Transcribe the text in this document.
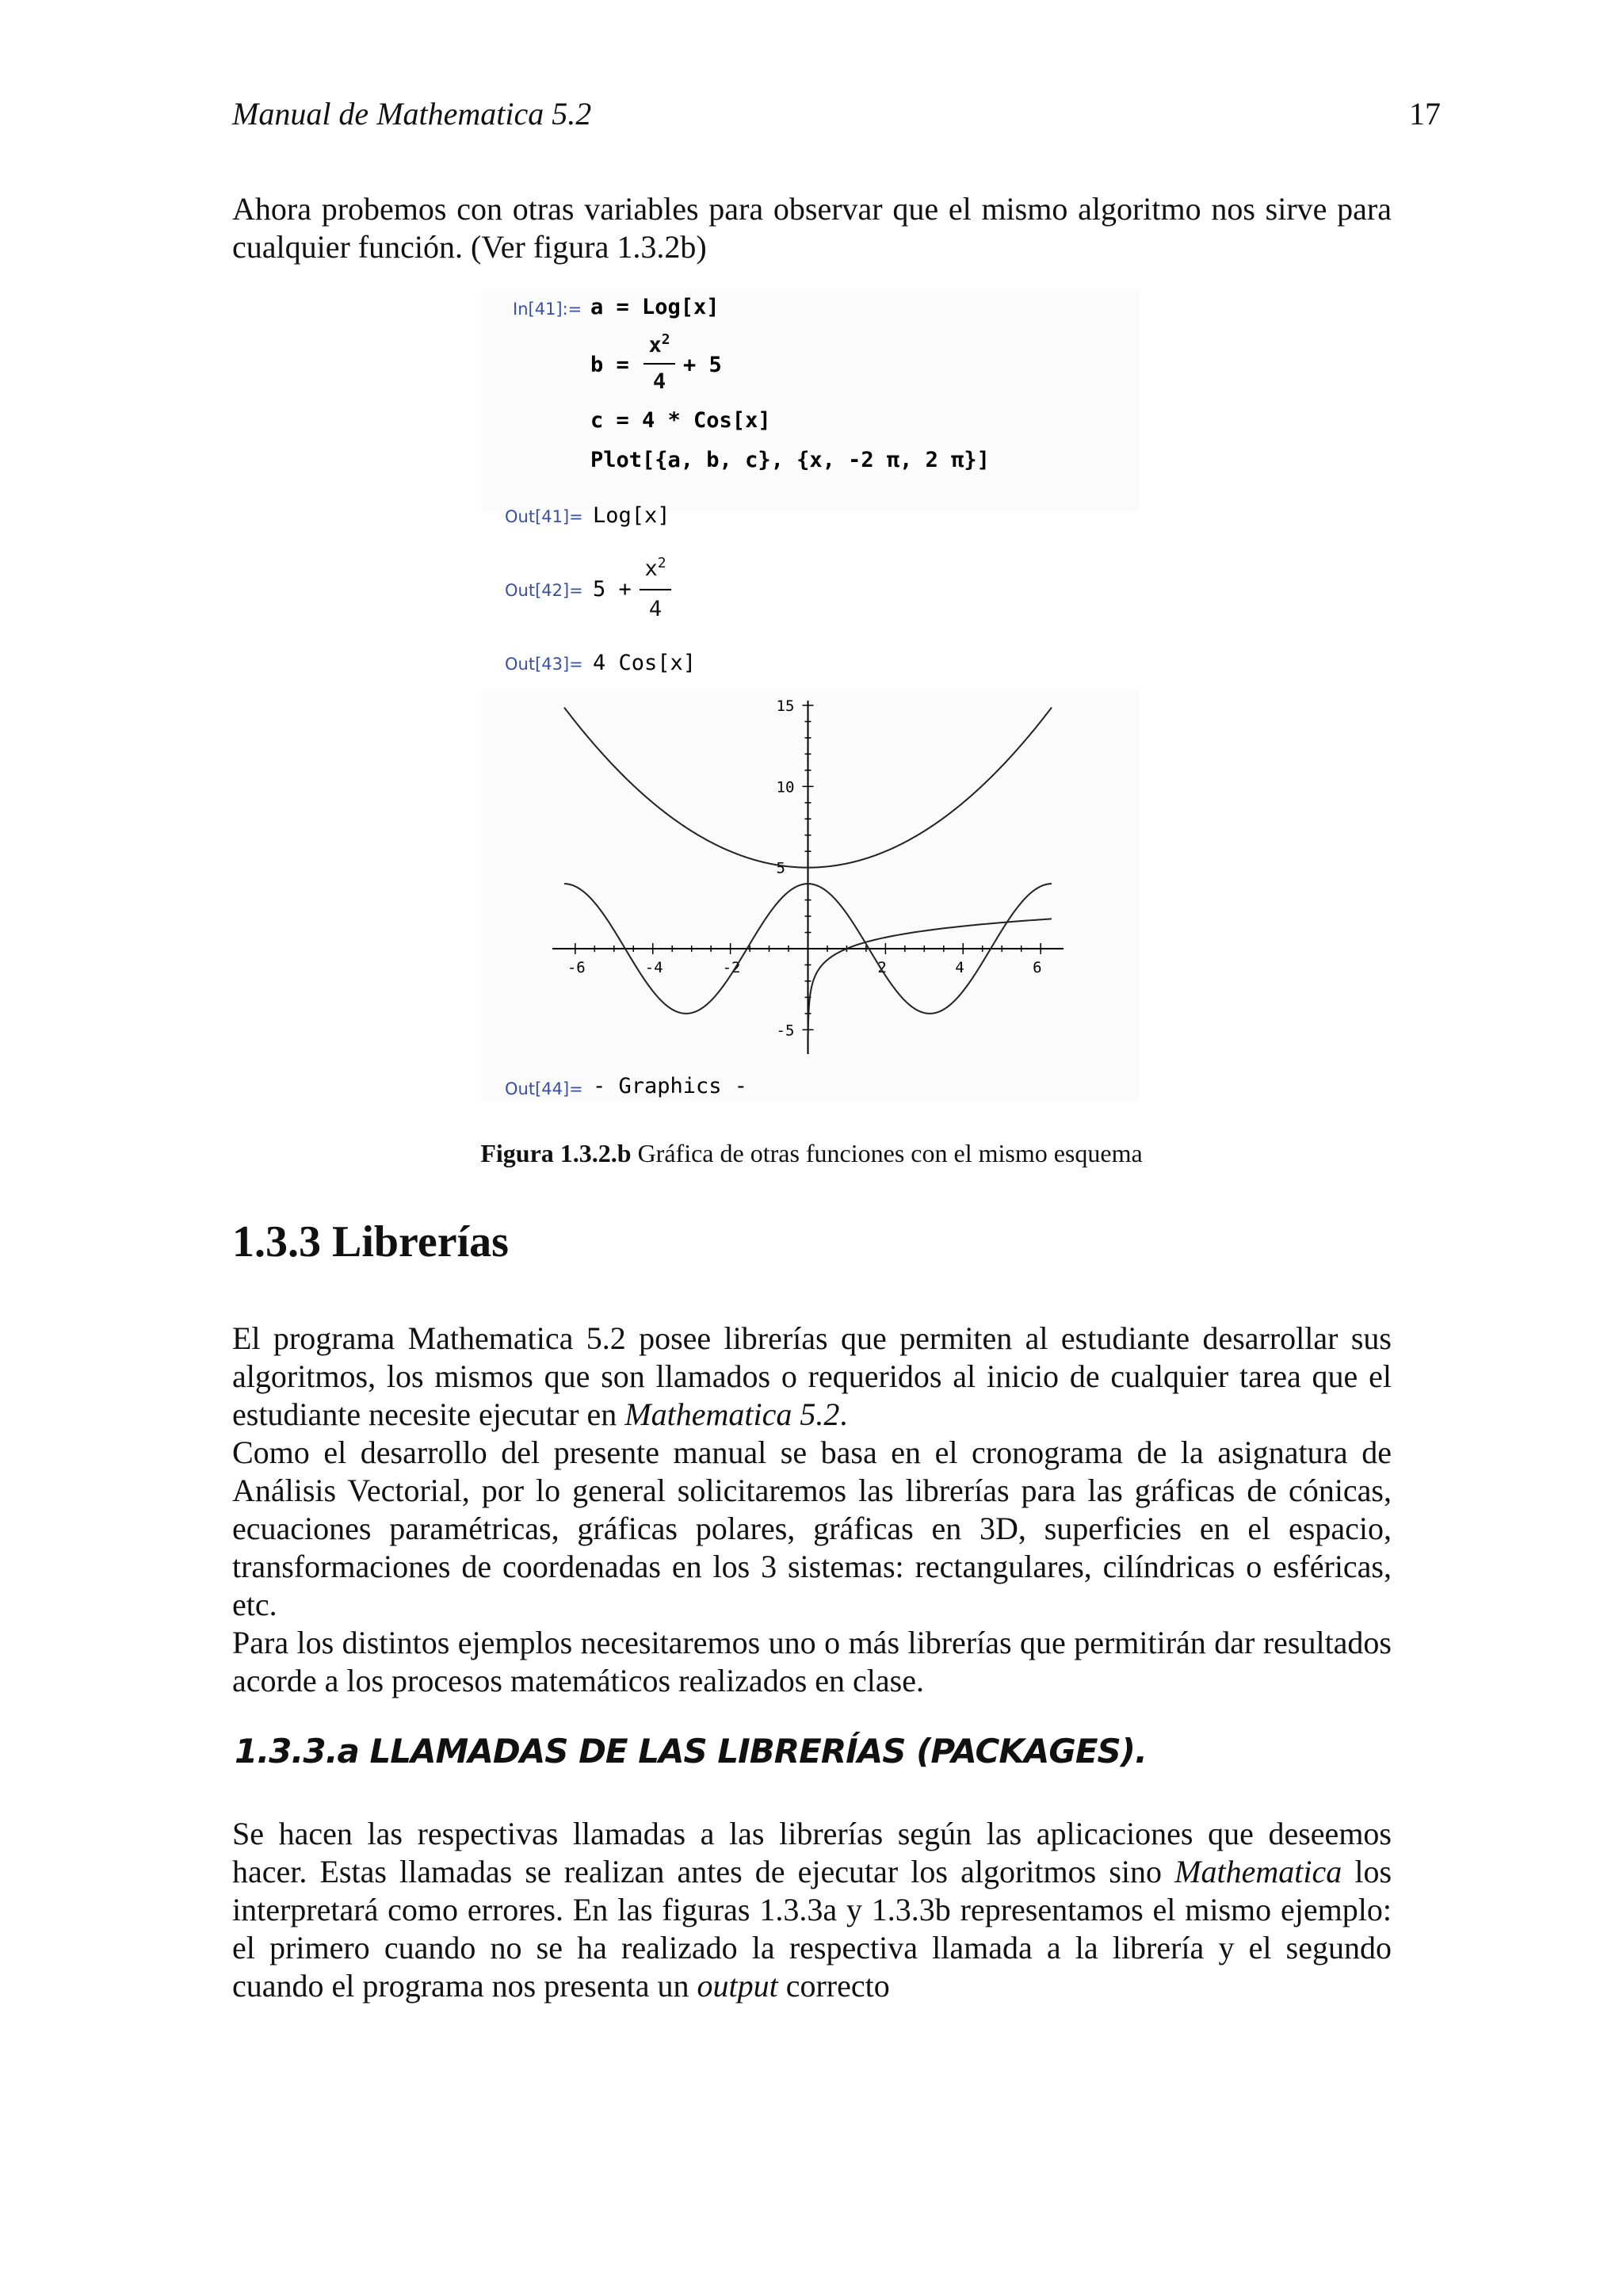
Manual de Mathematica 5.2	17

Ahora probemos con otras variables para observar que el mismo algoritmo nos sirve para cualquier función. (Ver figura 1.3.2b)

In[41]:= a = Log[x]
b =
$x^2$
4
+ 5
c = 4 * Cos[x]
Plot[{a, b, c}, {x, -2 π, 2 π}]
Out[41]= Log[x]
Out[42]= 5 +
$x^2$
4
Out[43]= 4 Cos[x]
-6	-4	-2	2	4	6
15
10
5
-5
Out[44]= - Graphics -
Figura 1.3.2.b Gráfica de otras funciones con el mismo esquema
1.3.3 Librerías

El programa Mathematica 5.2 posee librerías que permiten al estudiante desarrollar sus algoritmos, los mismos que son llamados o requeridos al inicio de cualquier tarea que el estudiante necesite ejecutar en Mathematica 5.2.

Como el desarrollo del presente manual se basa en el cronograma de la asignatura de Análisis Vectorial, por lo general solicitaremos las librerías para las gráficas de cónicas, ecuaciones paramétricas, gráficas polares, gráficas en 3D, superficies en el espacio, transformaciones de coordenadas en los 3 sistemas: rectangulares, cilíndricas o esféricas, etc.

Para los distintos ejemplos necesitaremos uno o más librerías que permitirán dar resultados acorde a los procesos matemáticos realizados en clase.

1.3.3.a LLAMADAS DE LAS LIBRERÍAS (PACKAGES).

Se hacen las respectivas llamadas a las librerías según las aplicaciones que deseemos hacer. Estas llamadas se realizan antes de ejecutar los algoritmos sino Mathematica los interpretará como errores. En las figuras 1.3.3a y 1.3.3b representamos el mismo ejemplo: el primero cuando no se ha realizado la respectiva llamada a la librería y el segundo cuando el programa nos presenta un output correcto
